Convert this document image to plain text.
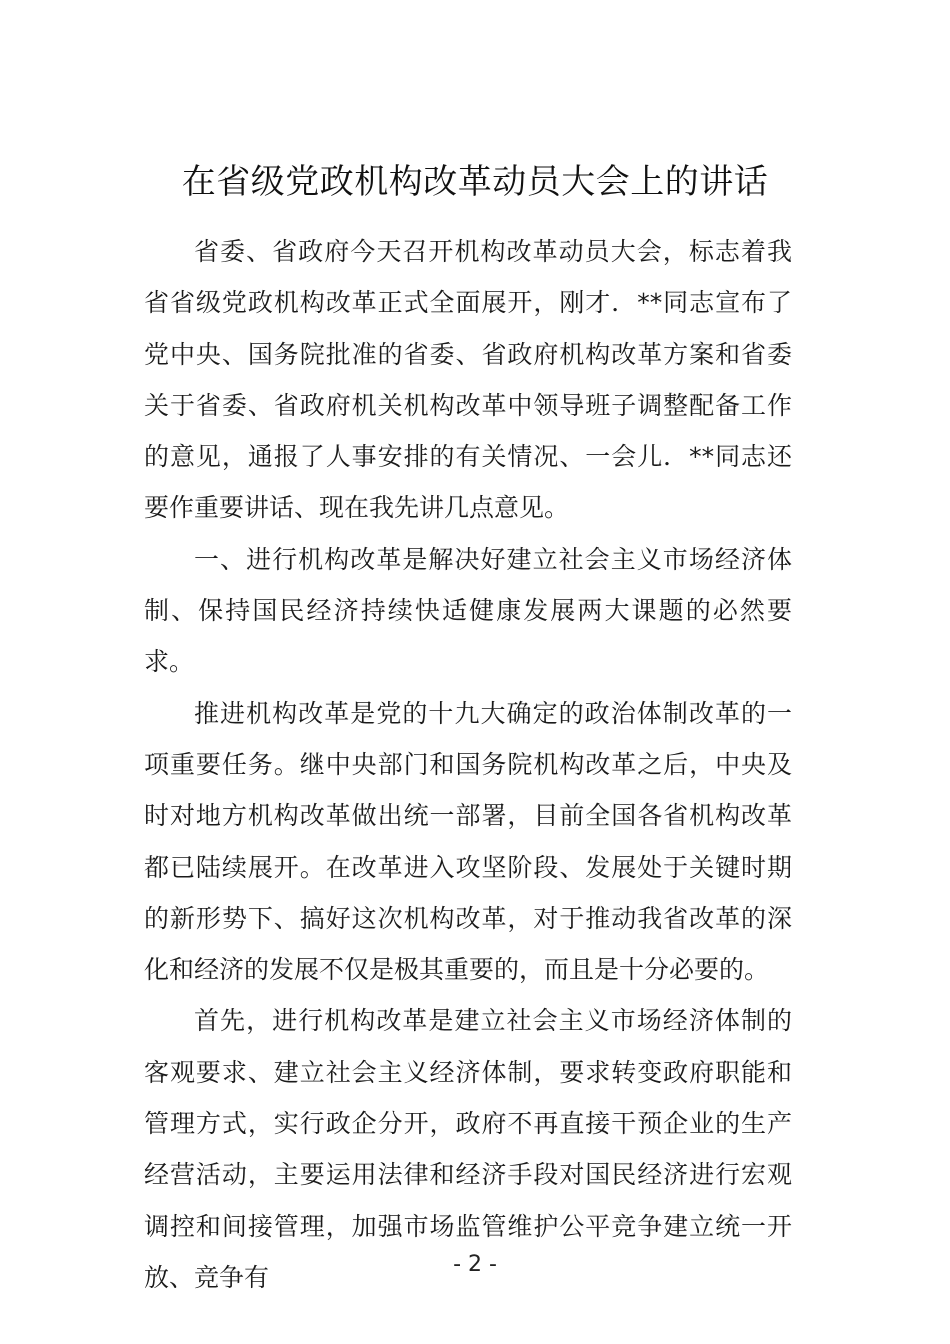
在省级党政机构改革动员大会上的讲话

省委、省政府今天召开机构改革动员大会，标志着我省省级党政机构改革正式全面展开，刚才．**同志宣布了党中央、国务院批准的省委、省政府机构改革方案和省委关于省委、省政府机关机构改革中领导班子调整配备工作的意见，通报了人事安排的有关情况、一会儿．**同志还要作重要讲话、现在我先讲几点意见。

一、进行机构改革是解决好建立社会主义市场经济体制、保持国民经济持续快适健康发展两大课题的必然要求。

推进机构改革是党的十九大确定的政治体制改革的一项重要任务。继中央部门和国务院机构改革之后，中央及时对地方机构改革做出统一部署，目前全国各省机构改革都已陆续展开。在改革进入攻坚阶段、发展处于关键时期的新形势下、搞好这次机构改革，对于推动我省改革的深化和经济的发展不仅是极其重要的，而且是十分必要的。

首先，进行机构改革是建立社会主义市场经济体制的客观要求、建立社会主义经济体制，要求转变政府职能和管理方式，实行政企分开，政府不再直接干预企业的生产经营活动，主要运用法律和经济手段对国民经济进行宏观调控和间接管理，加强市场监管维护公平竞争建立统一开放、竞争有	- 2 -
